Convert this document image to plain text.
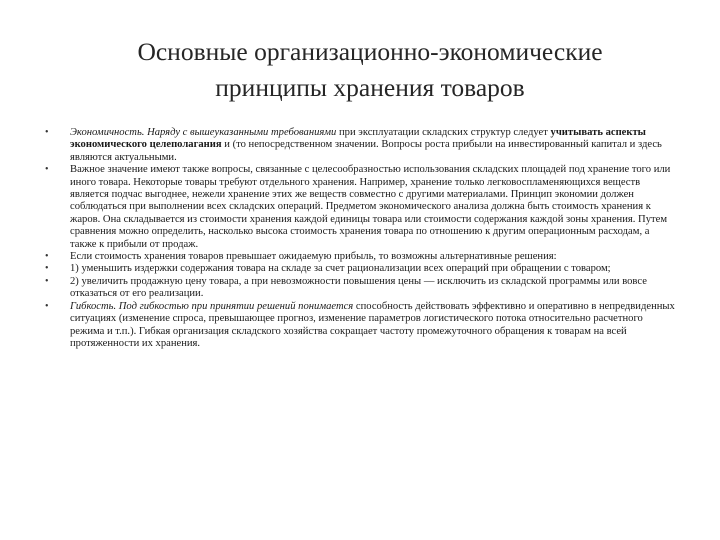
Основные организационно-экономические
принципы хранения товаров
• Экономичность. Наряду с вышеуказанными требованиями при эксплуатации складских структур следует учитывать аспекты экономического целеполагания и (то непосредственном значении. Вопросы роста прибыли на инвестированный капитал и здесь являются актуальными.
• Важное значение имеют также вопросы, связанные с целесообразностью использования складских площадей под хранение того или иного товара. Некоторые товары требуют отдельного хранения. Например, хранение только легковоспламеняющихся веществ является подчас выгоднее, нежели хранение этих же веществ совместно с другими материалами. Принцип экономии должен соблюдаться при выполнении всех складских операций. Предметом экономического анализа должна быть стоимость хранения к жаров. Она складывается из стоимости хранения каждой единицы товара или стоимости содержания каждой зоны хранения. Путем сравнения можно определить, насколько высока стоимость хранения товара по отношению к другим операционным расходам, а также к прибыли от продаж.
• Если стоимость хранения товаров превышает ожидаемую прибыль, то возможны альтернативные решения:
• 1) уменьшить издержки содержания товара на складе за счет рационализации всех операций при обращении с товаром;
• 2) увеличить продажную цену товара, а при невозможности повышения цены — исключить из складской программы или вовсе отказаться от его реализации.
• Гибкость. Под гибкостью при принятии решений понимается способность действовать эффективно и оперативно в непредвиденных ситуациях (изменение спроса, превышающее прогноз, изменение параметров логистического потока относительно расчетного режима и т.п.). Гибкая организация складского хозяйства сокращает частоту промежуточного обращения к товарам на всей протяженности их хранения.
